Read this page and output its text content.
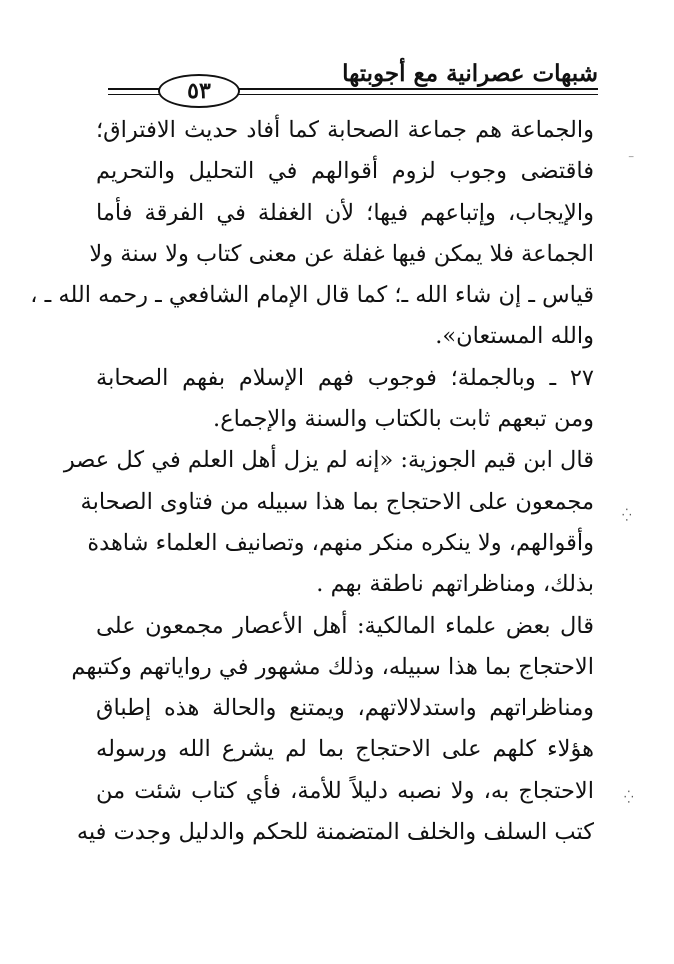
شبهات عصرانية مع أجوبتها
٥٣
والجماعة هم جماعة الصحابة كما أفاد حديث الافتراق؛
فاقتضى وجوب لزوم أقوالهم في التحليل والتحريم
والإيجاب، وإتباعهم فيها؛ لأن الغفلة في الفرقة فأما
الجماعة فلا يمكن فيها غفلة عن معنى كتاب ولا سنة ولا
قياس ـ إن شاء الله ـ؛ كما قال الإمام الشافعي ـ رحمه الله ـ ،
والله المستعان».
٢٧ ـ وبالجملة؛ فوجوب فهم الإسلام بفهم الصحابة
ومن تبعهم ثابت بالكتاب والسنة والإجماع.
قال ابن قيم الجوزية: «إنه لم يزل أهل العلم في كل عصر
مجمعون على الاحتجاج بما هذا سبيله من فتاوى الصحابة
وأقوالهم، ولا ينكره منكر منهم، وتصانيف العلماء شاهدة
بذلك، ومناظراتهم ناطقة بهم .
قال بعض علماء المالكية: أهل الأعصار مجمعون على
الاحتجاج بما هذا سبيله، وذلك مشهور في رواياتهم وكتبهم
ومناظراتهم واستدلالاتهم، ويمتنع والحالة هذه إطباق
هؤلاء كلهم على الاحتجاج بما لم يشرع الله ورسوله
الاحتجاج به، ولا نصبه دليلاً للأمة، فأي كتاب شئت من
كتب السلف والخلف المتضمنة للحكم والدليل وجدت فيه
⁻
⁛
⁛
